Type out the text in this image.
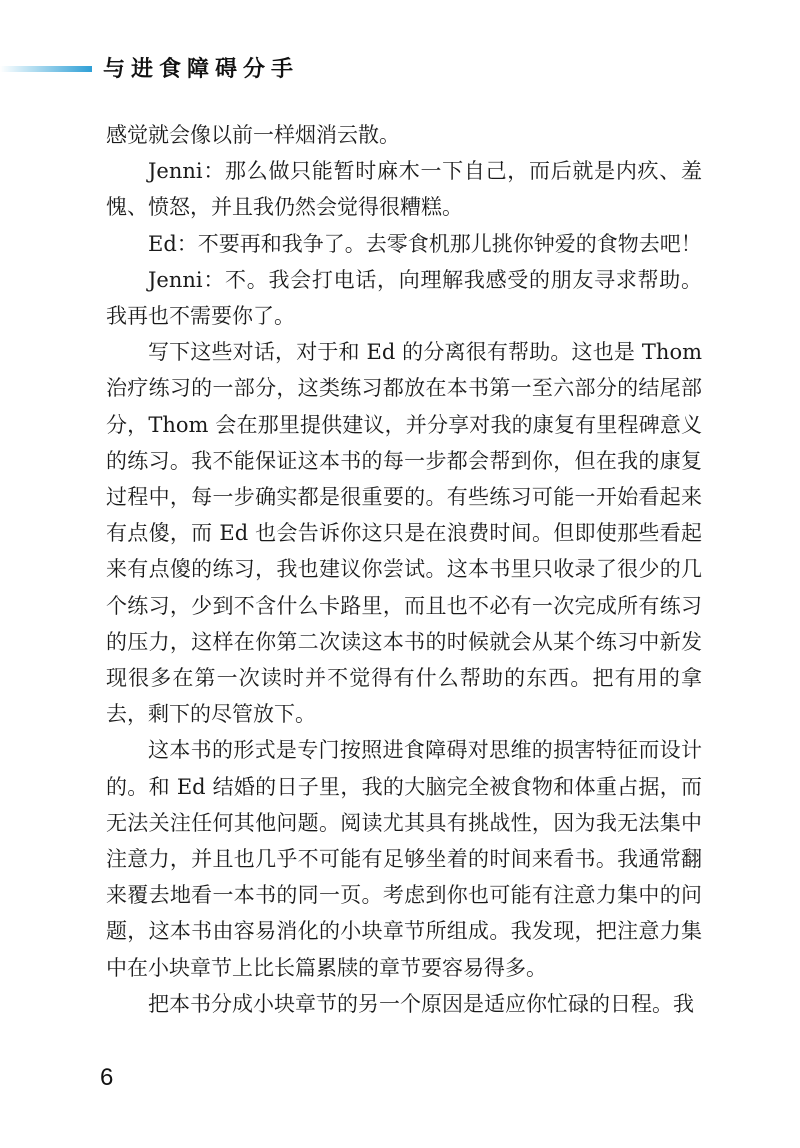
与进食障碍分手

感觉就会像以前一样烟消云散。

Jenni：那么做只能暂时麻木一下自己，而后就是内疚、羞愧、愤怒，并且我仍然会觉得很糟糕。

Ed：不要再和我争了。去零食机那儿挑你钟爱的食物去吧！

Jenni：不。我会打电话，向理解我感受的朋友寻求帮助。我再也不需要你了。

写下这些对话，对于和 Ed 的分离很有帮助。这也是 Thom 治疗练习的一部分，这类练习都放在本书第一至六部分的结尾部分，Thom 会在那里提供建议，并分享对我的康复有里程碑意义的练习。我不能保证这本书的每一步都会帮到你，但在我的康复过程中，每一步确实都是很重要的。有些练习可能一开始看起来有点傻，而 Ed 也会告诉你这只是在浪费时间。但即使那些看起来有点傻的练习，我也建议你尝试。这本书里只收录了很少的几个练习，少到不含什么卡路里，而且也不必有一次完成所有练习的压力，这样在你第二次读这本书的时候就会从某个练习中新发现很多在第一次读时并不觉得有什么帮助的东西。把有用的拿去，剩下的尽管放下。

这本书的形式是专门按照进食障碍对思维的损害特征而设计的。和 Ed 结婚的日子里，我的大脑完全被食物和体重占据，而无法关注任何其他问题。阅读尤其具有挑战性，因为我无法集中注意力，并且也几乎不可能有足够坐着的时间来看书。我通常翻来覆去地看一本书的同一页。考虑到你也可能有注意力集中的问题，这本书由容易消化的小块章节所组成。我发现，把注意力集中在小块章节上比长篇累牍的章节要容易得多。

把本书分成小块章节的另一个原因是适应你忙碌的日程。我

6
